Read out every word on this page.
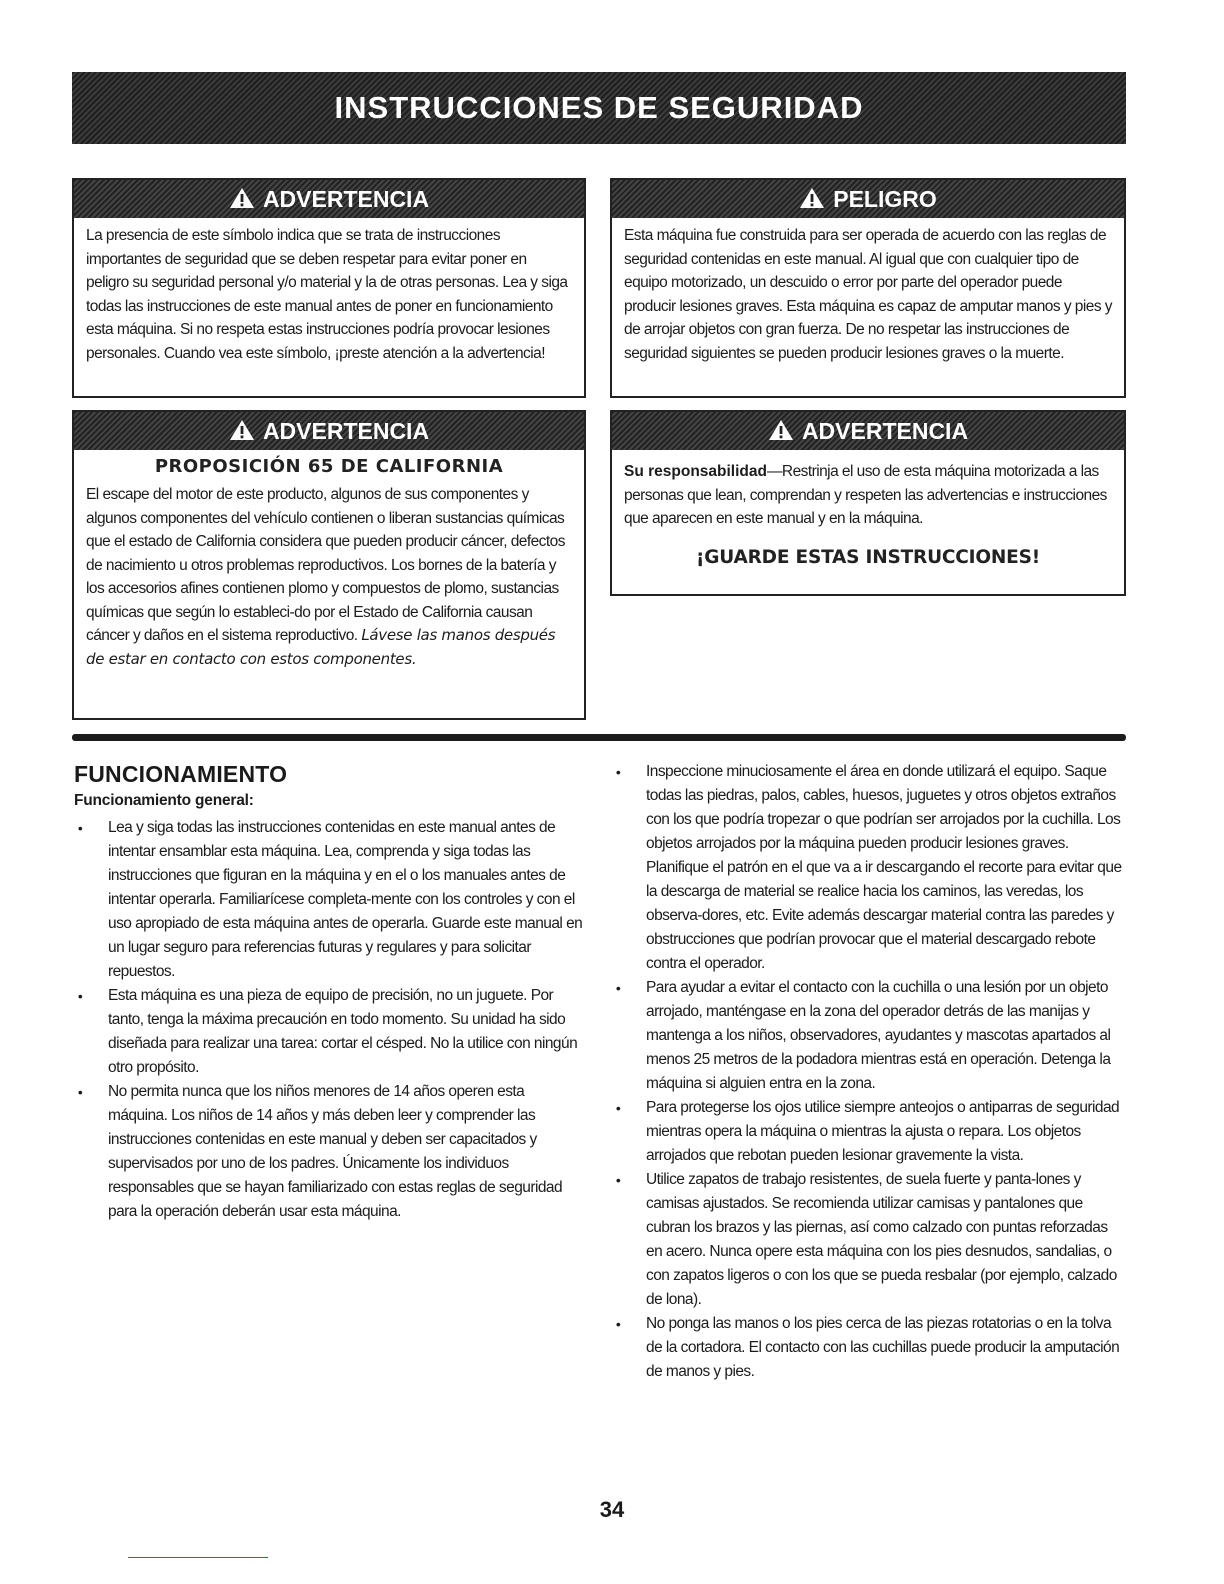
INSTRUCCIONES DE SEGURIDAD
ADVERTENCIA
La presencia de este símbolo indica que se trata de instrucciones importantes de seguridad que se deben respetar para evitar poner en peligro su seguridad personal y/o material y la de otras personas. Lea y siga todas las instrucciones de este manual antes de poner en funcionamiento esta máquina. Si no respeta estas instrucciones podría provocar lesiones personales. Cuando vea este símbolo, ¡preste atención a la advertencia!
PELIGRO
Esta máquina fue construida para ser operada de acuerdo con las reglas de seguridad contenidas en este manual. Al igual que con cualquier tipo de equipo motorizado, un descuido o error por parte del operador puede producir lesiones graves. Esta máquina es capaz de amputar manos y pies y de arrojar objetos con gran fuerza. De no respetar las instrucciones de seguridad siguientes se pueden producir lesiones graves o la muerte.
ADVERTENCIA
PROPOSICIÓN 65 DE CALIFORNIA
El escape del motor de este producto, algunos de sus componentes y algunos componentes del vehículo contienen o liberan sustancias químicas que el estado de California considera que pueden producir cáncer, defectos de nacimiento u otros problemas reproductivos. Los bornes de la batería y los accesorios afines contienen plomo y compuestos de plomo, sustancias químicas que según lo estableci-do por el Estado de California causan cáncer y daños en el sistema reproductivo. Lávese las manos después de estar en contacto con estos componentes.
ADVERTENCIA
Su responsabilidad—Restrinja el uso de esta máquina motorizada a las personas que lean, comprendan y respeten las advertencias e instrucciones que aparecen en este manual y en la máquina.
¡GUARDE ESTAS INSTRUCCIONES!
FUNCIONAMIENTO
Funcionamiento general:
• Lea y siga todas las instrucciones contenidas en este manual antes de intentar ensamblar esta máquina. Lea, comprenda y siga todas las instrucciones que figuran en la máquina y en el o los manuales antes de intentar operarla. Familiarícese completa-mente con los controles y con el uso apropiado de esta máquina antes de operarla. Guarde este manual en un lugar seguro para referencias futuras y regulares y para solicitar repuestos.
• Esta máquina es una pieza de equipo de precisión, no un juguete. Por tanto, tenga la máxima precaución en todo momento. Su unidad ha sido diseñada para realizar una tarea: cortar el césped. No la utilice con ningún otro propósito.
• No permita nunca que los niños menores de 14 años operen esta máquina. Los niños de 14 años y más deben leer y comprender las instrucciones contenidas en este manual y deben ser capacitados y supervisados por uno de los padres. Únicamente los individuos responsables que se hayan familiarizado con estas reglas de seguridad para la operación deberán usar esta máquina.
• Inspeccione minuciosamente el área en donde utilizará el equipo. Saque todas las piedras, palos, cables, huesos, juguetes y otros objetos extraños con los que podría tropezar o que podrían ser arrojados por la cuchilla. Los objetos arrojados por la máquina pueden producir lesiones graves. Planifique el patrón en el que va a ir descargando el recorte para evitar que la descarga de material se realice hacia los caminos, las veredas, los observa-dores, etc. Evite además descargar material contra las paredes y obstrucciones que podrían provocar que el material descargado rebote contra el operador.
• Para ayudar a evitar el contacto con la cuchilla o una lesión por un objeto arrojado, manténgase en la zona del operador detrás de las manijas y mantenga a los niños, observadores, ayudantes y mascotas apartados al menos 25 metros de la podadora mientras está en operación. Detenga la máquina si alguien entra en la zona.
• Para protegerse los ojos utilice siempre anteojos o antiparras de seguridad mientras opera la máquina o mientras la ajusta o repara. Los objetos arrojados que rebotan pueden lesionar gravemente la vista.
• Utilice zapatos de trabajo resistentes, de suela fuerte y panta-lones y camisas ajustados. Se recomienda utilizar camisas y pantalones que cubran los brazos y las piernas, así como calzado con puntas reforzadas en acero. Nunca opere esta máquina con los pies desnudos, sandalias, o con zapatos ligeros o con los que se pueda resbalar (por ejemplo, calzado de lona).
• No ponga las manos o los pies cerca de las piezas rotatorias o en la tolva de la cortadora. El contacto con las cuchillas puede producir la amputación de manos y pies.
34
